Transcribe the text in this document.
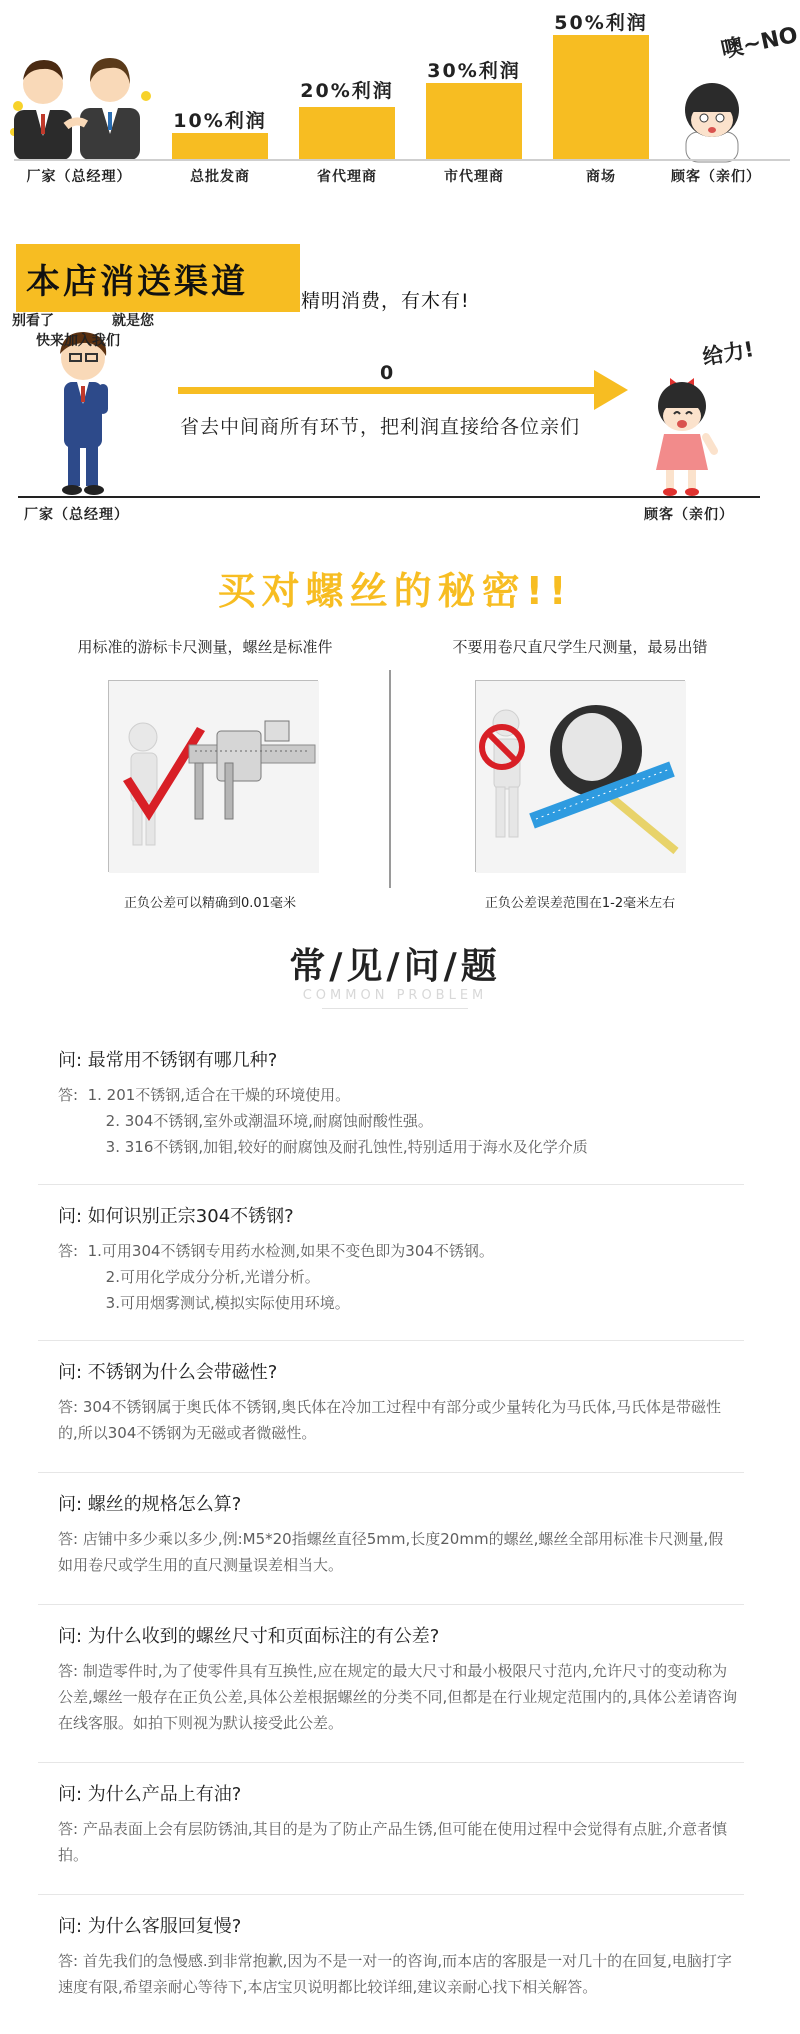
10%利润
20%利润
30%利润
50%利润	噢~NO
厂家（总经理）	总批发商	省代理商	市代理商	商场	顾客（亲们）
本店消送渠道	精明消费，有木有!
别看了	就是您
快来加入我们
0
省去中间商所有环节，把利润直接给各位亲们
给力!
厂家（总经理）	顾客（亲们）
买对螺丝的秘密!!
用标准的游标卡尺测量，螺丝是标准件	不要用卷尺直尺学生尺测量，最易出错
正负公差可以精确到0.01毫米	正负公差误差范围在1-2毫米左右
常/见/问/题
COMMON PROBLEM
问: 最常用不锈钢有哪几种?
答:  1. 201不锈钢,适合在干燥的环境使用。
2. 304不锈钢,室外或潮温环境,耐腐蚀耐酸性强。
3. 316不锈钢,加钼,较好的耐腐蚀及耐孔蚀性,特别适用于海水及化学介质
问: 如何识别正宗304不锈钢?
答:  1.可用304不锈钢专用药水检测,如果不变色即为304不锈钢。
2.可用化学成分分析,光谱分析。
3.可用烟雾测试,模拟实际使用环境。
问: 不锈钢为什么会带磁性?
答: 304不锈钢属于奥氏体不锈钢,奥氏体在冷加工过程中有部分或少量转化为马氏体,马氏体是带磁性的,所以304不锈钢为无磁或者微磁性。
问: 螺丝的规格怎么算?
答: 店铺中多少乘以多少,例:M5*20指螺丝直径5mm,长度20mm的螺丝,螺丝全部用标准卡尺测量,假如用卷尺或学生用的直尺测量误差相当大。
问: 为什么收到的螺丝尺寸和页面标注的有公差?
答: 制造零件时,为了使零件具有互换性,应在规定的最大尺寸和最小极限尺寸范内,允许尺寸的变动称为公差,螺丝一般存在正负公差,具体公差根据螺丝的分类不同,但都是在行业规定范围内的,具体公差请咨询在线客服。如拍下则视为默认接受此公差。
问: 为什么产品上有油?
答: 产品表面上会有层防锈油,其目的是为了防止产品生锈,但可能在使用过程中会觉得有点脏,介意者慎拍。
问: 为什么客服回复慢?
答: 首先我们的急慢感.到非常抱歉,因为不是一对一的咨询,而本店的客服是一对几十的在回复,电脑打字速度有限,希望亲耐心等待下,本店宝贝说明都比较详细,建议亲耐心找下相关解答。
